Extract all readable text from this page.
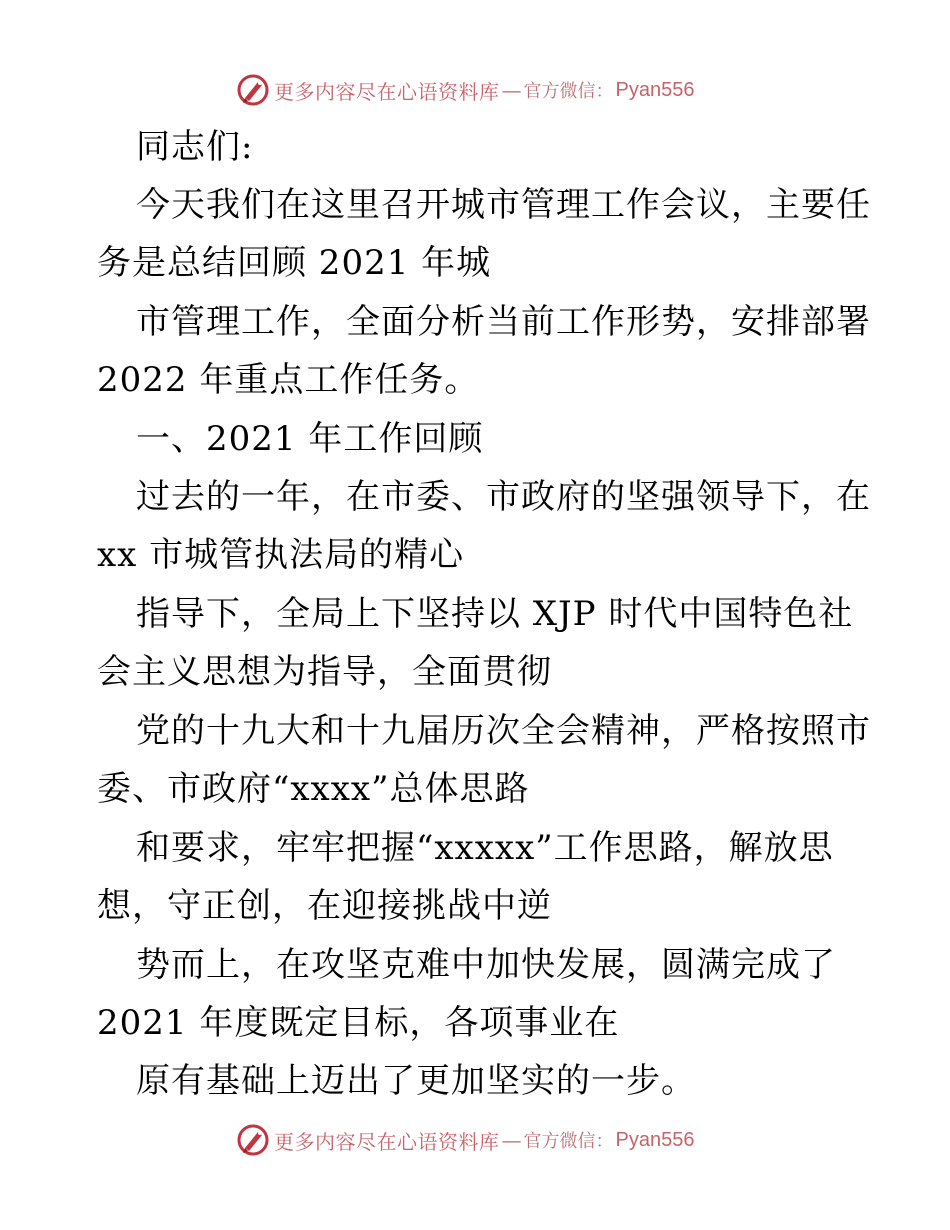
更多内容尽在心语资料库 — 官方微信： Pyan556
同志们:
今天我们在这里召开城市管理工作会议，主要任
务是总结回顾 2021 年城
市管理工作，全面分析当前工作形势，安排部署
2022 年重点工作任务。
一、2021 年工作回顾
过去的一年，在市委、市政府的坚强领导下，在
xx 市城管执法局的精心
指导下，全局上下坚持以 XJP 时代中国特色社
会主义思想为指导，全面贯彻
党的十九大和十九届历次全会精神，严格按照市
委、市政府“xxxx”总体思路
和要求，牢牢把握“xxxxx”工作思路，解放思
想，守正创，在迎接挑战中逆
势而上，在攻坚克难中加快发展，圆满完成了
2021 年度既定目标，各项事业在
原有基础上迈出了更加坚实的一步。
更多内容尽在心语资料库 — 官方微信： Pyan556
